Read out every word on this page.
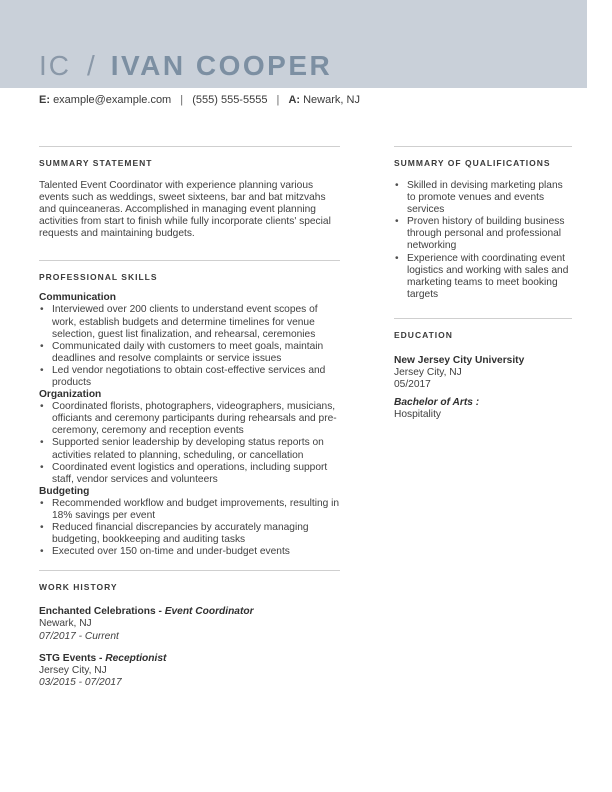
IC / IVAN COOPER
E: example@example.com | (555) 555-5555 | A: Newark, NJ
SUMMARY STATEMENT
Talented Event Coordinator with experience planning various events such as weddings, sweet sixteens, bar and bat mitzvahs and quinceaneras. Accomplished in managing event planning activities from start to finish while fully incorporate clients' special requests and maintaining budgets.
PROFESSIONAL SKILLS
Communication
• Interviewed over 200 clients to understand event scopes of work, establish budgets and determine timelines for venue selection, guest list finalization, and rehearsal, ceremonies
• Communicated daily with customers to meet goals, maintain deadlines and resolve complaints or service issues
• Led vendor negotiations to obtain cost-effective services and products
Organization
• Coordinated florists, photographers, videographers, musicians, officiants and ceremony participants during rehearsals and pre-ceremony, ceremony and reception events
• Supported senior leadership by developing status reports on activities related to planning, scheduling, or cancellation
• Coordinated event logistics and operations, including support staff, vendor services and volunteers
Budgeting
• Recommended workflow and budget improvements, resulting in 18% savings per event
• Reduced financial discrepancies by accurately managing budgeting, bookkeeping and auditing tasks
• Executed over 150 on-time and under-budget events
WORK HISTORY
Enchanted Celebrations - Event Coordinator
Newark, NJ
07/2017 - Current
STG Events - Receptionist
Jersey City, NJ
03/2015 - 07/2017
SUMMARY OF QUALIFICATIONS
• Skilled in devising marketing plans to promote venues and events services
• Proven history of building business through personal and professional networking
• Experience with coordinating event logistics and working with sales and marketing teams to meet booking targets
EDUCATION
New Jersey City University
Jersey City, NJ
05/2017
Bachelor of Arts :
Hospitality
